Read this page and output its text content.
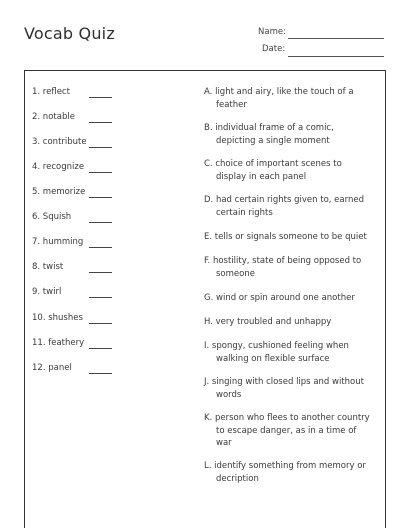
Vocab Quiz	Name:
Date:
1. reflect
2. notable
3. contribute
4. recognize
5. memorize
6. Squish
7. humming
8. twist
9. twirl
10. shushes
11. feathery
12. panel
A. light and airy, like the touch of a
feather
B. individual frame of a comic,
depicting a single moment
C. choice of important scenes to
display in each panel
D. had certain rights given to, earned
certain rights
E. tells or signals someone to be quiet
F. hostility, state of being opposed to
someone
G. wind or spin around one another
H. very troubled and unhappy
I. spongy, cushioned feeling when
walking on flexible surface
J. singing with closed lips and without
words
K. person who flees to another country
to escape danger, as in a time of
war
L. identify something from memory or
decription
